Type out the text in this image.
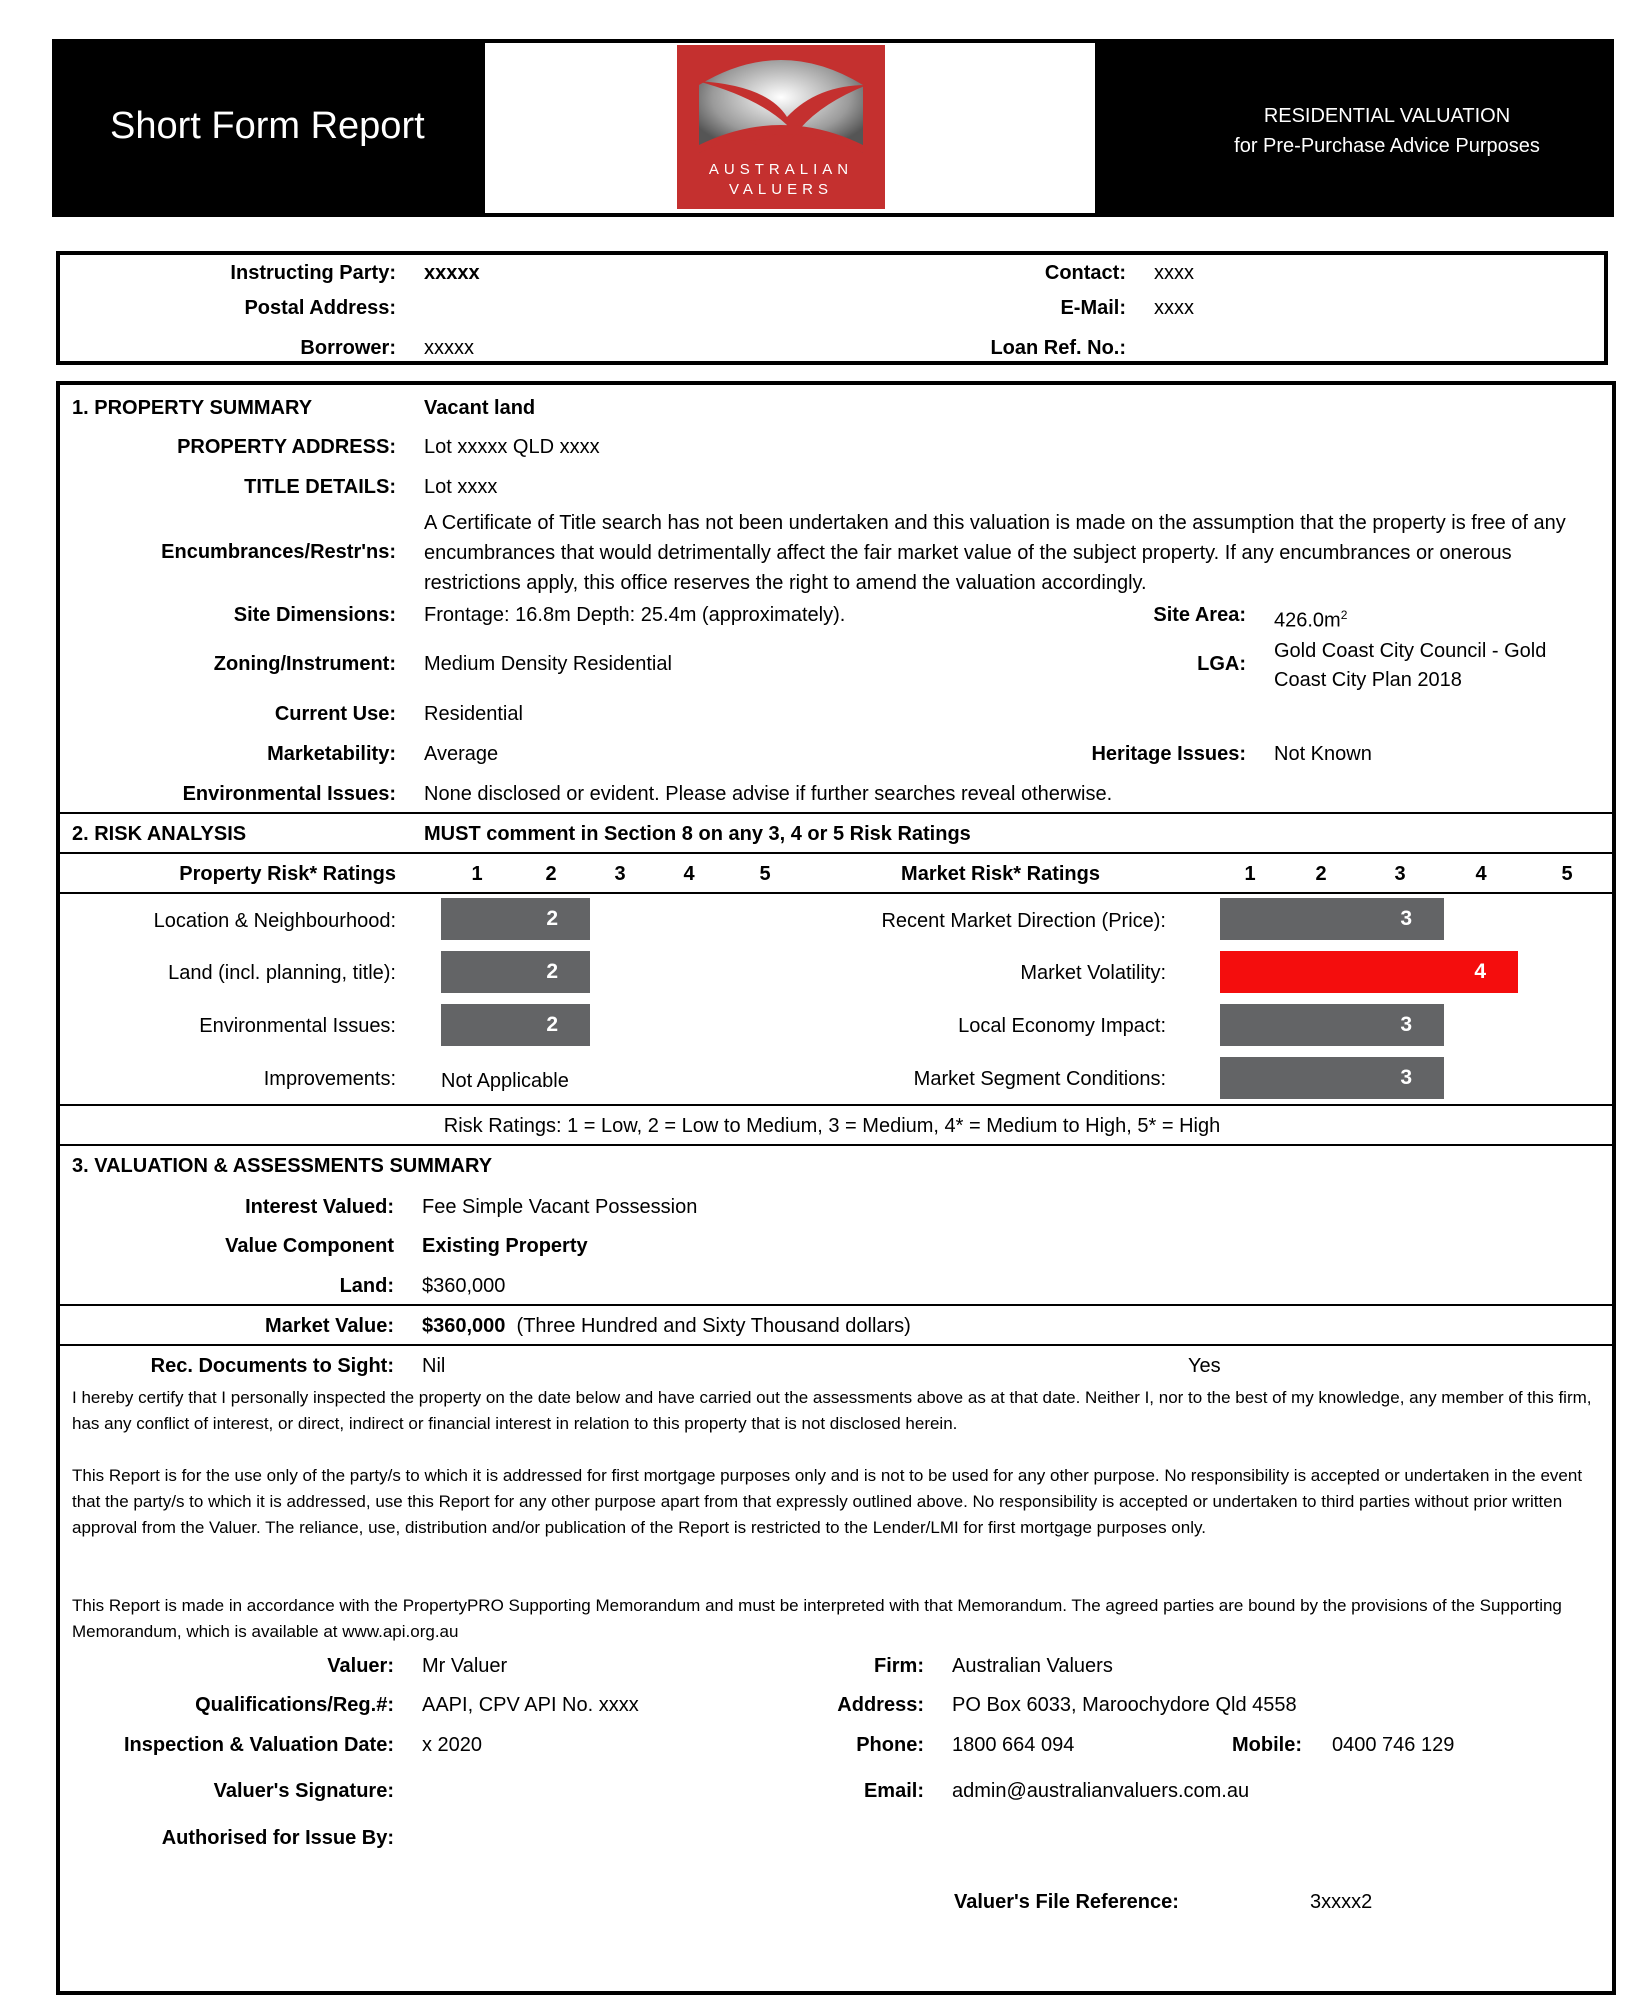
Short Form Report
AUSTRALIAN
VALUERS
RESIDENTIAL VALUATION
for Pre-Purchase Advice Purposes
Instructing Party: xxxxx
Postal Address:
Borrower: xxxxx
Contact: xxxx
E-Mail: xxxx
Loan Ref. No.:
1. PROPERTY SUMMARY	Vacant land
PROPERTY ADDRESS: Lot xxxxx QLD xxxx
TITLE DETAILS: Lot xxxx
Encumbrances/Restr'ns:
A Certificate of Title search has not been undertaken and this valuation is made on the assumption that the property is free of any encumbrances that would detrimentally affect the fair market value of the subject property. If any encumbrances or onerous restrictions apply, this office reserves the right to amend the valuation accordingly.
Site Dimensions: Frontage: 16.8m Depth: 25.4m (approximately).	Site Area: $426.0m^2$
Zoning/Instrument: Medium Density Residential	LGA:
Gold Coast City Council - Gold Coast City Plan 2018
Current Use: Residential
Marketability: Average	Heritage Issues: Not Known
Environmental Issues: None disclosed or evident. Please advise if further searches reveal otherwise.
2. RISK ANALYSIS	MUST comment in Section 8 on any 3, 4 or 5 Risk Ratings
Property Risk* Ratings	1	2	3	4	5	Market Risk* Ratings	1	2	3	4	5
Location & Neighbourhood:	2
Land (incl. planning, title):	2
Environmental Issues:	2
Improvements: Not Applicable
Recent Market Direction (Price):	3
Market Volatility:	4
Local Economy Impact:	3
Market Segment Conditions:	3
Risk Ratings: 1 = Low, 2 = Low to Medium, 3 = Medium, 4* = Medium to High, 5* = High
3. VALUATION & ASSESSMENTS SUMMARY
Interest Valued: Fee Simple Vacant Possession
Value Component Existing Property
Land: $360,000
Market Value: $360,000 (Three Hundred and Sixty Thousand dollars)
Rec. Documents to Sight: Nil	Yes
I hereby certify that I personally inspected the property on the date below and have carried out the assessments above as at that date. Neither I, nor to the best of my knowledge, any member of this firm, has any conflict of interest, or direct, indirect or financial interest in relation to this property that is not disclosed herein.
This Report is for the use only of the party/s to which it is addressed for first mortgage purposes only and is not to be used for any other purpose. No responsibility is accepted or undertaken in the event that the party/s to which it is addressed, use this Report for any other purpose apart from that expressly outlined above. No responsibility is accepted or undertaken to third parties without prior written approval from the Valuer. The reliance, use, distribution and/or publication of the Report is restricted to the Lender/LMI for first mortgage purposes only.
This Report is made in accordance with the PropertyPRO Supporting Memorandum and must be interpreted with that Memorandum. The agreed parties are bound by the provisions of the Supporting Memorandum, which is available at www.api.org.au
Valuer: Mr Valuer
Qualifications/Reg.#: AAPI, CPV API No. xxxx
Inspection & Valuation Date: x 2020
Valuer's Signature:
Authorised for Issue By:
Firm: Australian Valuers
Address: PO Box 6033, Maroochydore Qld 4558
Phone: 1800 664 094	Mobile: 0400 746 129
Email: admin@australianvaluers.com.au
Valuer's File Reference:	3xxxx2
